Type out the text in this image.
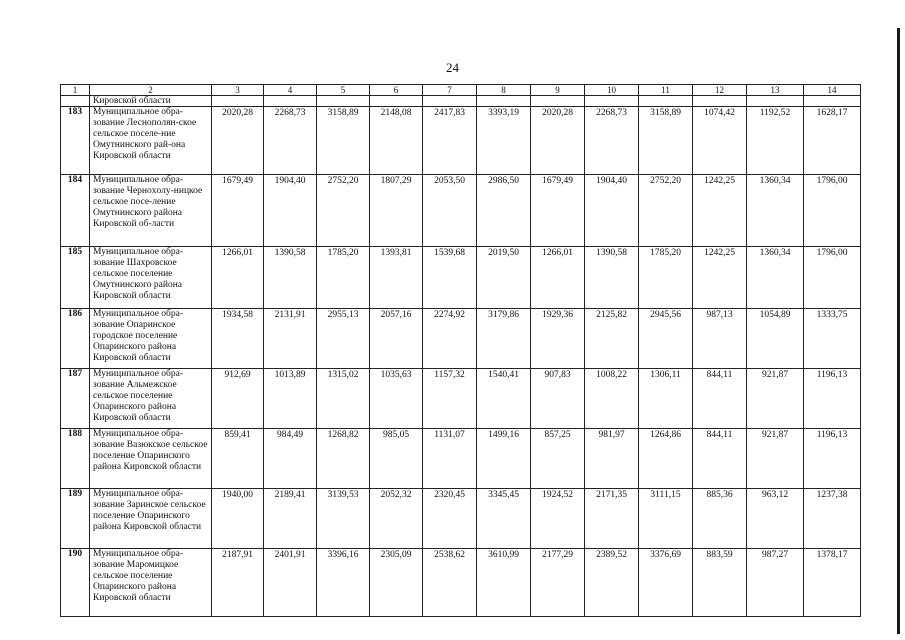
24
1	2	3	4	5	6	7	8	9	10	11	12	13	14
	Кировской области												
183	Муниципальное обра-зование Леснополян-ское сельское поселе-ние Омутнинского рай-она Кировской области	2020,28	2268,73	3158,89	2148,08	2417,83	3393,19	2020,28	2268,73	3158,89	1074,42	1192,52	1628,17
184	Муниципальное обра-зование Черноxолу-ницкое сельское посе-ление Омутнинского района Кировской об-ласти	1679,49	1904,40	2752,20	1807,29	2053,50	2986,50	1679,49	1904,40	2752,20	1242,25	1360,34	1796,00
185	Муниципальное обра-зование Шахровское сельское поселение Омутнинского района Кировской области	1266,01	1390,58	1785,20	1393,81	1539,68	2019,50	1266,01	1390,58	1785,20	1242,25	1360,34	1796,00
186	Муниципальное обра-зование Опаринское городское поселение Опаринского района Кировской области	1934,58	2131,91	2955,13	2057,16	2274,92	3179,86	1929,36	2125,82	2945,56	987,13	1054,89	1333,75
187	Муниципальное обра-зование Альмежское сельское поселение Опаринского района Кировской области	912,69	1013,89	1315,02	1035,63	1157,32	1540,41	907,83	1008,22	1306,11	844,11	921,87	1196,13
188	Муниципальное обра-зование Вазюкское сельское поселение Опаринского района Кировской области	859,41	984,49	1268,82	985,05	1131,07	1499,16	857,25	981,97	1264,86	844,11	921,87	1196,13
189	Муниципальное обра-зование Заринское сельское поселение Опаринского района Кировской области	1940,00	2189,41	3139,53	2052,32	2320,45	3345,45	1924,52	2171,35	3111,15	885,36	963,12	1237,38
190	Муниципальное обра-зование Маромицкое сельское поселение Опаринского района Кировской области	2187,91	2401,91	3396,16	2305,09	2538,62	3610,99	2177,29	2389,52	3376,69	883,59	987,27	1378,17
